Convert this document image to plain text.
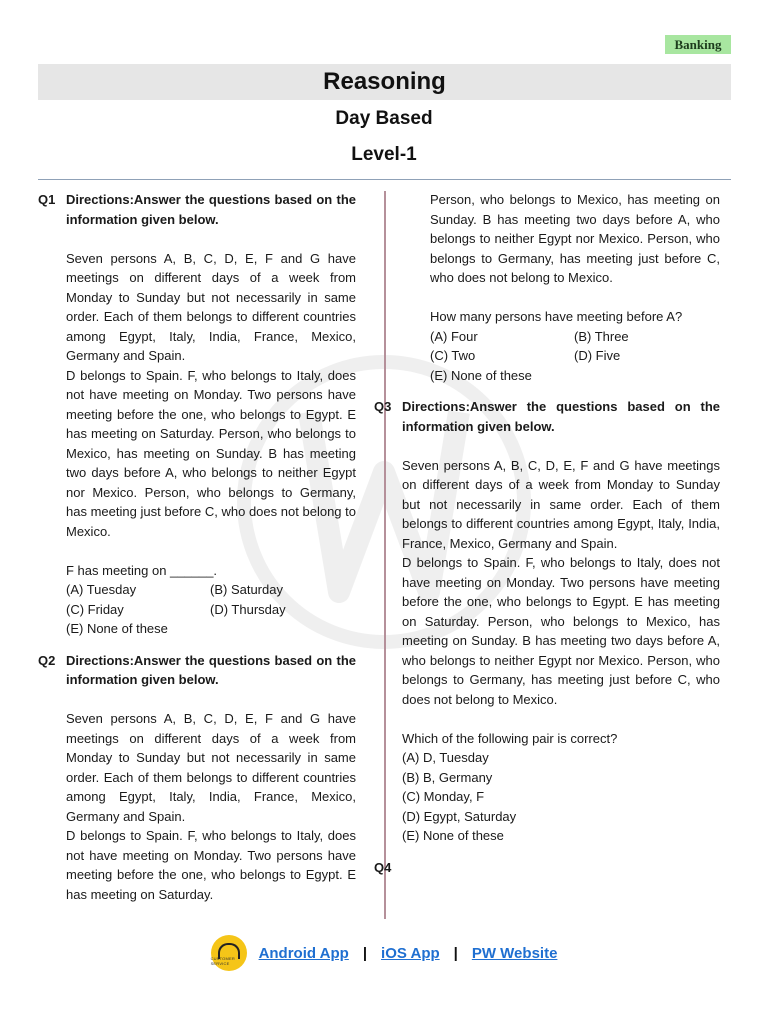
Banking
Reasoning
Day Based
Level-1
Q1 Directions:Answer the questions based on the information given below.

Seven persons A, B, C, D, E, F and G have meetings on different days of a week from Monday to Sunday but not necessarily in same order. Each of them belongs to different countries among Egypt, Italy, India, France, Mexico, Germany and Spain.

D belongs to Spain. F, who belongs to Italy, does not have meeting on Monday. Two persons have meeting before the one, who belongs to Egypt. E has meeting on Saturday. Person, who belongs to Mexico, has meeting on Sunday. B has meeting two days before A, who belongs to neither Egypt nor Mexico. Person, who belongs to Germany, has meeting just before C, who does not belong to Mexico.

F has meeting on ______.
(A) Tuesday	(B) Saturday
(C) Friday	(D) Thursday
(E) None of these
Q2 Directions:Answer the questions based on the information given below.

Seven persons A, B, C, D, E, F and G have meetings on different days of a week from Monday to Sunday but not necessarily in same order. Each of them belongs to different countries among Egypt, Italy, India, France, Mexico, Germany and Spain.

D belongs to Spain. F, who belongs to Italy, does not have meeting on Monday. Two persons have meeting before the one, who belongs to Egypt. E has meeting on Saturday.

Person, who belongs to Mexico, has meeting on Sunday. B has meeting two days before A, who belongs to neither Egypt nor Mexico. Person, who belongs to Germany, has meeting just before C, who does not belong to Mexico.

How many persons have meeting before A?
(A) Four	(B) Three
(C) Two	(D) Five
(E) None of these
Q3 Directions:Answer the questions based on the information given below.

Seven persons A, B, C, D, E, F and G have meetings on different days of a week from Monday to Sunday but not necessarily in same order. Each of them belongs to different countries among Egypt, Italy, India, France, Mexico, Germany and Spain.

D belongs to Spain. F, who belongs to Italy, does not have meeting on Monday. Two persons have meeting before the one, who belongs to Egypt. E has meeting on Saturday. Person, who belongs to Mexico, has meeting on Sunday. B has meeting two days before A, who belongs to neither Egypt nor Mexico. Person, who belongs to Germany, has meeting just before C, who does not belong to Mexico.

Which of the following pair is correct?
(A) D, Tuesday
(B) B, Germany
(C) Monday, F
(D) Egypt, Saturday
(E) None of these
Q4
CUSTOMER SERVICE
Android App | iOS App | PW Website
